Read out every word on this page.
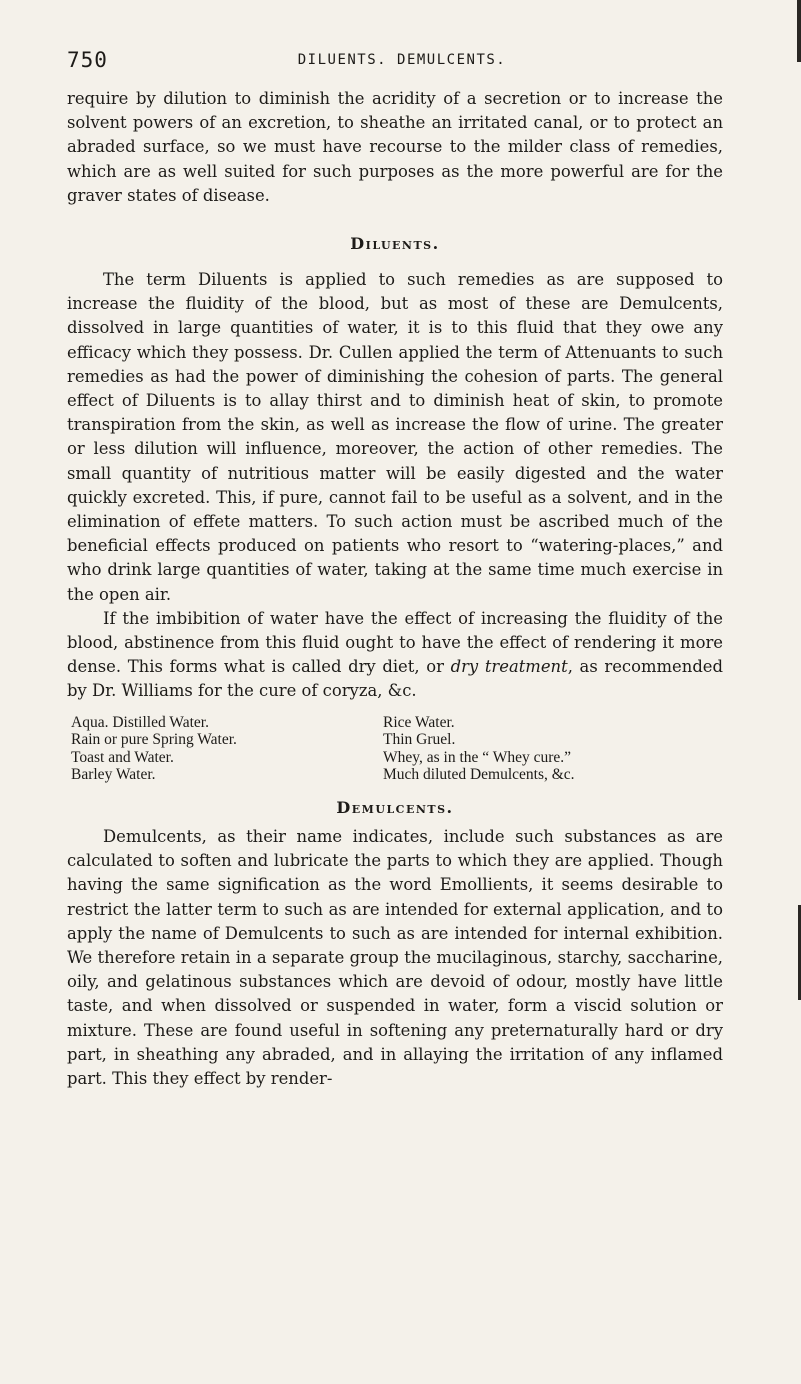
750	DILUENTS. DEMULCENTS.

require by dilution to diminish the acridity of a secretion or to increase the solvent powers of an excretion, to sheathe an irritated canal, or to protect an abraded surface, so we must have recourse to the milder class of remedies, which are as well suited for such purposes as the more powerful are for the graver states of disease.

Diluents.

The term Diluents is applied to such remedies as are supposed to increase the fluidity of the blood, but as most of these are Demulcents, dissolved in large quantities of water, it is to this fluid that they owe any efficacy which they possess. Dr. Cullen applied the term of Attenuants to such remedies as had the power of diminishing the cohesion of parts. The general effect of Diluents is to allay thirst and to diminish heat of skin, to promote transpiration from the skin, as well as increase the flow of urine. The greater or less dilution will influence, moreover, the action of other remedies. The small quantity of nutritious matter will be easily digested and the water quickly excreted. This, if pure, cannot fail to be useful as a solvent, and in the elimination of effete matters. To such action must be ascribed much of the beneficial effects produced on patients who resort to “watering-places,” and who drink large quantities of water, taking at the same time much exercise in the open air.

If the imbibition of water have the effect of increasing the fluidity of the blood, abstinence from this fluid ought to have the effect of rendering it more dense. This forms what is called dry diet, or dry treatment, as recommended by Dr. Williams for the cure of coryza, &c.

Aqua. Distilled Water.	Rice Water.
Rain or pure Spring Water.	Thin Gruel.
Toast and Water.	Whey, as in the “ Whey cure.”
Barley Water.	Much diluted Demulcents, &c.
Demulcents.

Demulcents, as their name indicates, include such substances as are calculated to soften and lubricate the parts to which they are applied. Though having the same signification as the word Emollients, it seems desirable to restrict the latter term to such as are intended for external application, and to apply the name of Demulcents to such as are intended for internal exhibition. We therefore retain in a separate group the mucilaginous, starchy, saccharine, oily, and gelatinous substances which are devoid of odour, mostly have little taste, and when dissolved or suspended in water, form a viscid solution or mixture. These are found useful in softening any preternaturally hard or dry part, in sheathing any abraded, and in allaying the irritation of any inflamed part. This they effect by render-
